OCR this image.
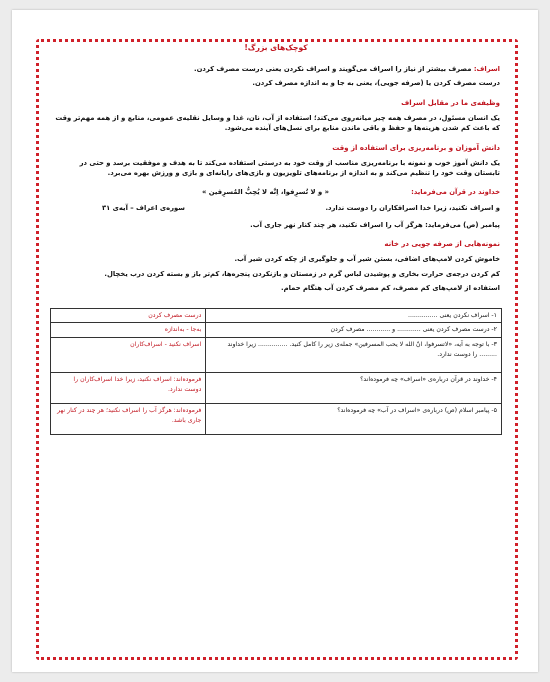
کوچک‌های بزرگ!

اسراف: مصرف بیشتر از نیاز را اسراف می‌گویند و اسراف نکردن یعنی درست مصرف کردن.

درست مصرف کردن یا (صرفه جویی)، یعنی به جا و به اندازه مصرف کردن.

وظیفه‌ی ما در مقابل اسراف

یک انسان مسئول، در مصرف همه چیز میانه‌روی می‌کند؛ استفاده از آب، نان، غذا و وسایل نقلیه‌ی عمومی، منابع و از همه مهم‌تر وقت که باعث کم شدن هزینه‌ها و حفظ و باقی ماندن منابع برای نسل‌های آینده می‌شود.

دانش آموزان و برنامه‌ریزی برای استفاده از وقت

یک دانش آموز خوب و نمونه با برنامه‌ریزی مناسب از وقت خود به درستی استفاده می‌کند تا به هدف و موفقیت برسد و حتی در تابستان وقت خود را تنظیم می‌کند و به اندازه از برنامه‌های تلویزیون و بازی‌های رایانه‌ای و بازی و ورزش بهره می‌برد.

خداوند در قرآن می‌فرماید:
« و لا تُسرِفوا، اِنَّه لا یُحِبُّ المُسرِفین »
و اسراف نکنید، زیرا خدا اسرافکاران را دوست ندارد.
سوره‌ی اعراف – آیه‌ی ۳۱

پیامبر (ص) می‌فرماید: هرگز آب را اسراف نکنید، هر چند کنار نهر جاری آب.

نمونه‌هایی از صرفه جویی در خانه

خاموش کردن لامپ‌های اضافی، بستن شیر آب و جلوگیری از چکه کردن شیر آب.

کم کردن درجه‌ی حرارت بخاری و پوشیدن لباس گرم در زمستان و بازنکردن پنجره‌ها، کم‌تر باز و بسته کردن درب یخچال.

استفاده از لامپ‌های کم مصرف، کم مصرف کردن آب هنگام حمام.

۱- اسراف نکردن یعنی ...............	درست مصرف کردن
۲- درست مصرف کردن یعنی ............ و ............ مصرف کردن	به‌جا - به‌اندازه
۳- با توجه به آیه، «لاتسرفوا، انّ الله لا یحب المسرفین» جمله‌ی زیر را کامل کنید. ............... زیرا خداوند ......... را دوست ندارد.	اسراف نکنید - اسراف‌کاران
۴- خداوند در قرآن درباره‌ی «اسراف» چه فرموده‌اند؟	فرموده‌اند: اسراف نکنید، زیرا خدا اسراف‌کاران را دوست ندارد.
۵- پیامبر اسلام (ص) درباره‌ی «اسراف در آب» چه فرموده‌اند؟	فرموده‌اند: هرگز آب را اسراف نکنید؛ هر چند در کنار نهر جاری باشد.
